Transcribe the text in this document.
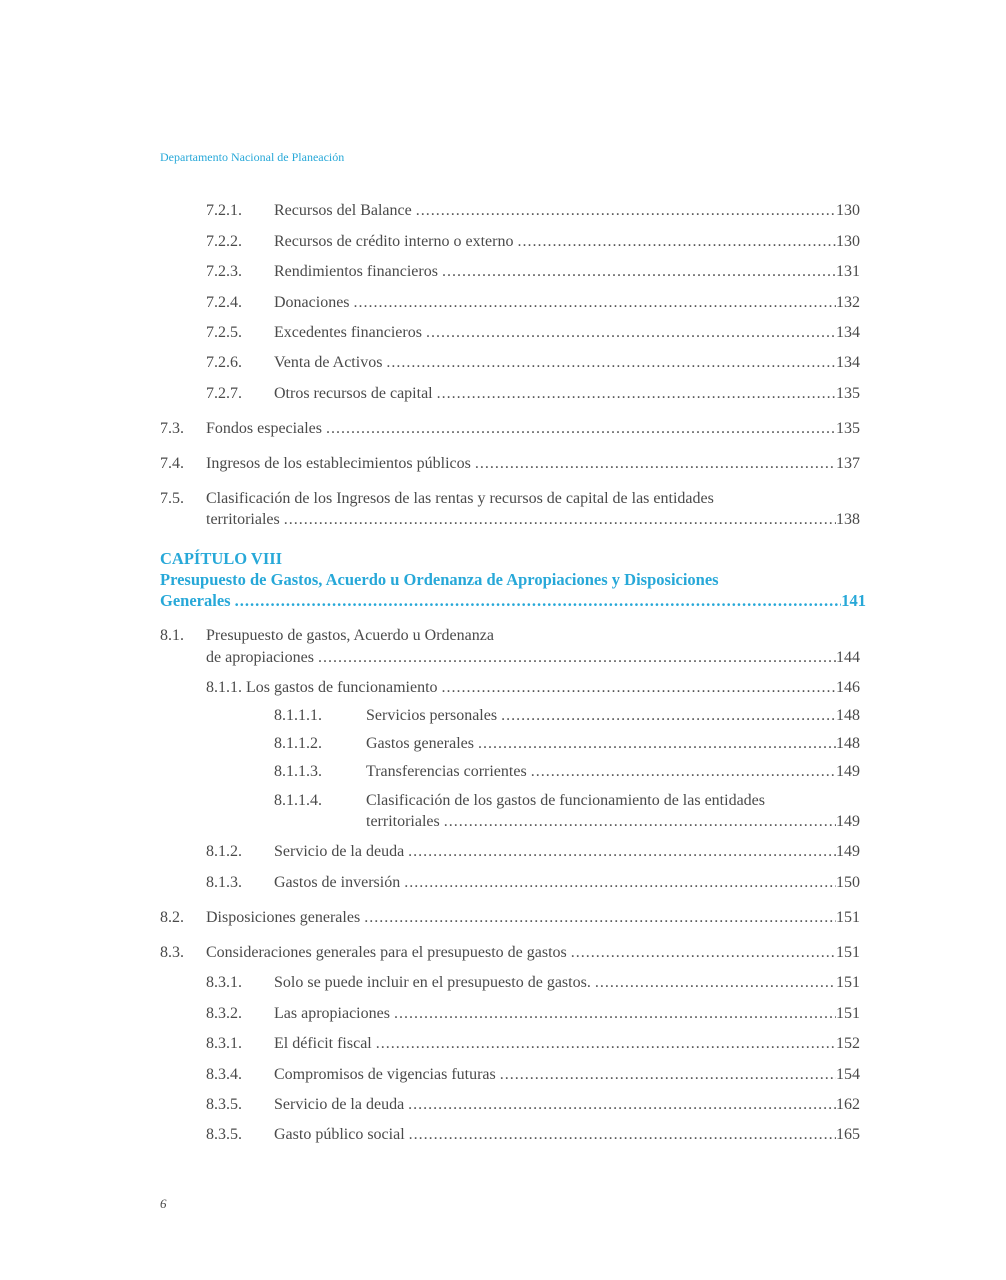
Departamento Nacional de Planeación
7.2.1. Recursos del Balance .....	130
7.2.2. Recursos de crédito interno o externo .....	130
7.2.3. Rendimientos financieros .....	131
7.2.4. Donaciones .....	132
7.2.5. Excedentes financieros .....	134
7.2.6. Venta de Activos .....	134
7.2.7. Otros recursos de capital .....	135
7.3. Fondos especiales .....	135
7.4. Ingresos de los establecimientos públicos .....	137
7.5. Clasificación de los Ingresos de las rentas y recursos de capital de las entidades
territoriales .....	138
CAPÍTULO VIII
Presupuesto de Gastos, Acuerdo u Ordenanza de Apropiaciones y Disposiciones
Generales .....	141
8.1. Presupuesto de gastos, Acuerdo u Ordenanza
de apropiaciones .....	144
8.1.1. Los gastos de funcionamiento .....	146
8.1.1.1.	Servicios personales .....	148
8.1.1.2.	Gastos generales .....	148
8.1.1.3.	Transferencias corrientes .....	149
8.1.1.4.	Clasificación de los gastos de funcionamiento de las entidades
territoriales .....	149
8.1.2. Servicio de la deuda .....	149
8.1.3. Gastos de inversión .....	150
8.2. Disposiciones generales .....	151
8.3. Consideraciones generales para el presupuesto de gastos .....	151
8.3.1. Solo se puede incluir en el presupuesto de gastos. .....	151
8.3.2. Las apropiaciones .....	151
8.3.1. El déficit fiscal .....	152
8.3.4. Compromisos de vigencias futuras .....	154
8.3.5. Servicio de la deuda .....	162
8.3.5. Gasto público social .....	165
6
